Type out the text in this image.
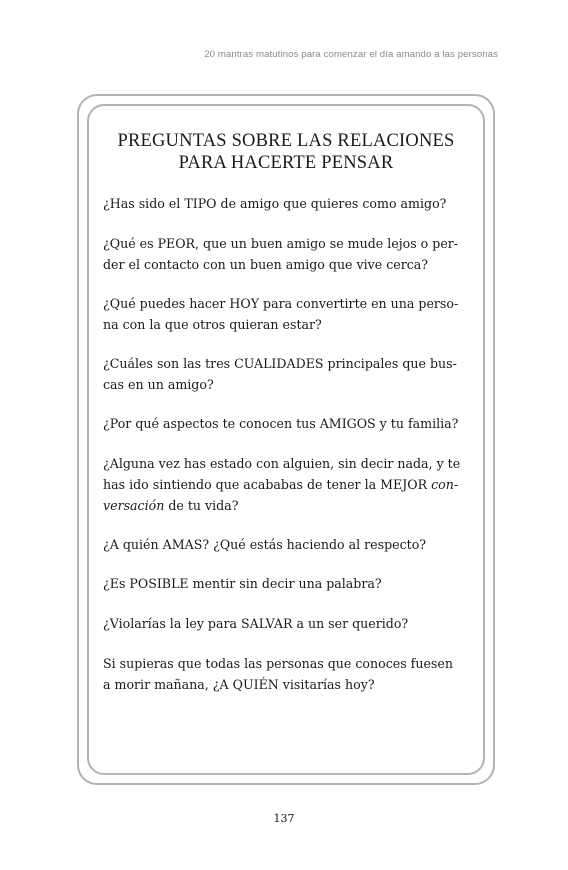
20 mantras matutinos para comenzar el día amando a las personas
PREGUNTAS SOBRE LAS RELACIONES
PARA HACERTE PENSAR

¿Has sido el TIPO de amigo que quieres como amigo?

¿Qué es PEOR, que un buen amigo se mude lejos o per-
der el contacto con un buen amigo que vive cerca?

¿Qué puedes hacer HOY para convertirte en una perso-
na con la que otros quieran estar?

¿Cuáles son las tres CUALIDADES principales que bus-
cas en un amigo?

¿Por qué aspectos te conocen tus AMIGOS y tu familia?

¿Alguna vez has estado con alguien, sin decir nada, y te
has ido sintiendo que acababas de tener la MEJOR con-
versación de tu vida?

¿A quién AMAS? ¿Qué estás haciendo al respecto?

¿Es POSIBLE mentir sin decir una palabra?

¿Violarías la ley para SALVAR a un ser querido?

Si supieras que todas las personas que conoces fuesen
a morir mañana, ¿A QUIÉN visitarías hoy?

137
